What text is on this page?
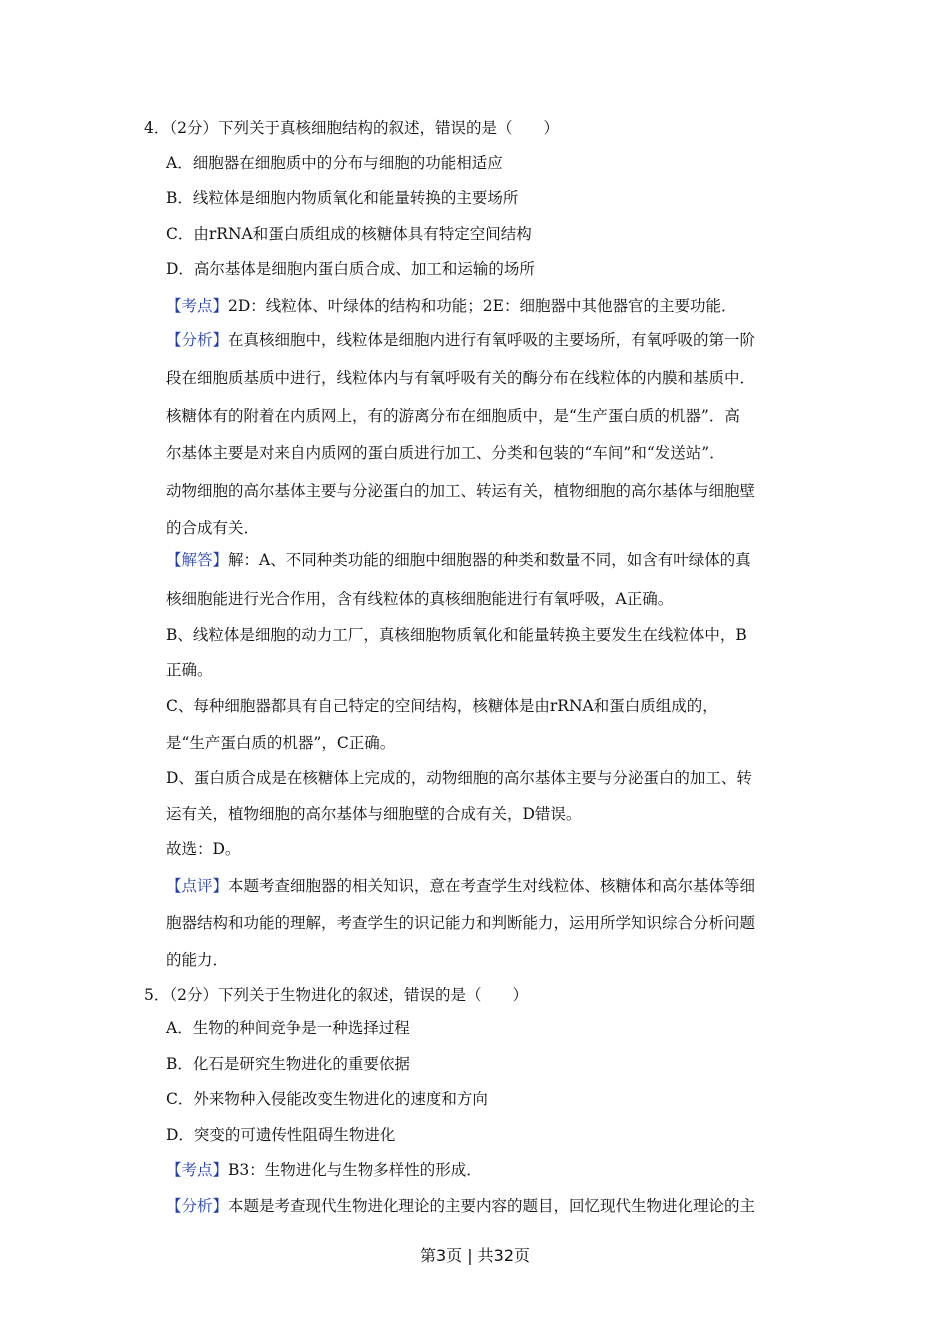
4．（2分）下列关于真核细胞结构的叙述，错误的是（　　）
A．细胞器在细胞质中的分布与细胞的功能相适应
B．线粒体是细胞内物质氧化和能量转换的主要场所
C．由rRNA和蛋白质组成的核糖体具有特定空间结构
D．高尔基体是细胞内蛋白质合成、加工和运输的场所
【考点】2D：线粒体、叶绿体的结构和功能；2E：细胞器中其他器官的主要功能．
【分析】在真核细胞中，线粒体是细胞内进行有氧呼吸的主要场所，有氧呼吸的第一阶
段在细胞质基质中进行，线粒体内与有氧呼吸有关的酶分布在线粒体的内膜和基质中．
核糖体有的附着在内质网上，有的游离分布在细胞质中，是“生产蛋白质的机器”．高
尔基体主要是对来自内质网的蛋白质进行加工、分类和包装的“车间”和“发送站”．
动物细胞的高尔基体主要与分泌蛋白的加工、转运有关，植物细胞的高尔基体与细胞壁
的合成有关．
【解答】解：A、不同种类功能的细胞中细胞器的种类和数量不同，如含有叶绿体的真
核细胞能进行光合作用，含有线粒体的真核细胞能进行有氧呼吸，A正确。
B、线粒体是细胞的动力工厂，真核细胞物质氧化和能量转换主要发生在线粒体中，B
正确。
C、每种细胞器都具有自己特定的空间结构，核糖体是由rRNA和蛋白质组成的，
是“生产蛋白质的机器”，C正确。
D、蛋白质合成是在核糖体上完成的，动物细胞的高尔基体主要与分泌蛋白的加工、转
运有关，植物细胞的高尔基体与细胞壁的合成有关，D错误。
故选：D。
【点评】本题考查细胞器的相关知识，意在考查学生对线粒体、核糖体和高尔基体等细
胞器结构和功能的理解，考查学生的识记能力和判断能力，运用所学知识综合分析问题
的能力．
5．（2分）下列关于生物进化的叙述，错误的是（　　）
A．生物的种间竞争是一种选择过程
B．化石是研究生物进化的重要依据
C．外来物种入侵能改变生物进化的速度和方向
D．突变的可遗传性阻碍生物进化
【考点】B3：生物进化与生物多样性的形成．
【分析】本题是考查现代生物进化理论的主要内容的题目，回忆现代生物进化理论的主
第3页 | 共32页
